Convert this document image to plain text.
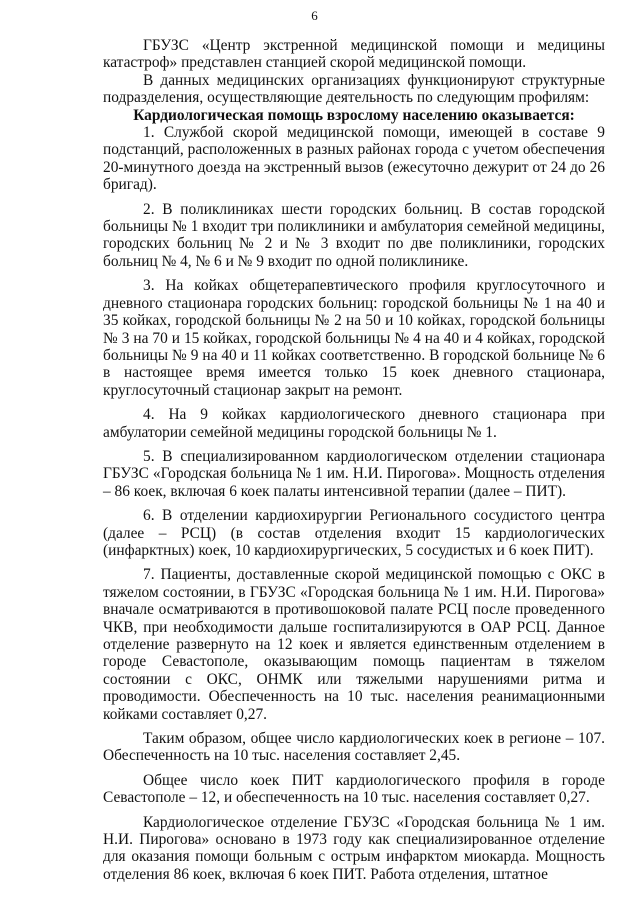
6

ГБУЗС «Центр экстренной медицинской помощи и медицины катастроф» представлен станцией скорой медицинской помощи.

В данных медицинских организациях функционируют структурные подразделения, осуществляющие деятельность по следующим профилям:

Кардиологическая помощь взрослому населению оказывается:

1. Службой скорой медицинской помощи, имеющей в составе 9 подстанций, расположенных в разных районах города с учетом обеспечения 20-минутного доезда на экстренный вызов (ежесуточно дежурит от 24 до 26 бригад).

2. В поликлиниках шести городских больниц. В состав городской больницы № 1 входит три поликлиники и амбулатория семейной медицины, городских больниц № 2 и № 3 входит по две поликлиники, городских больниц № 4, № 6 и № 9 входит по одной поликлинике.

3. На койках общетерапевтического профиля круглосуточного и дневного стационара городских больниц: городской больницы № 1 на 40 и 35 койках, городской больницы № 2 на 50 и 10 койках, городской больницы № 3 на 70 и 15 койках, городской больницы № 4 на 40 и 4 койках, городской больницы № 9 на 40 и 11 койках соответственно. В городской больнице № 6 в настоящее время имеется только 15 коек дневного стационара, круглосуточный стационар закрыт на ремонт.

4. На 9 койках кардиологического дневного стационара при амбулатории семейной медицины городской больницы № 1.

5. В специализированном кардиологическом отделении стационара ГБУЗС «Городская больница № 1 им. Н.И. Пирогова». Мощность отделения – 86 коек, включая 6 коек палаты интенсивной терапии (далее – ПИТ).

6. В отделении кардиохирургии Регионального сосудистого центра (далее – РСЦ) (в состав отделения входит 15 кардиологических (инфарктных) коек, 10 кардиохирургических, 5 сосудистых и 6 коек ПИТ).

7. Пациенты, доставленные скорой медицинской помощью с ОКС в тяжелом состоянии, в ГБУЗС «Городская больница № 1 им. Н.И. Пирогова» вначале осматриваются в противошоковой палате РСЦ после проведенного ЧКВ, при необходимости дальше госпитализируются в ОАР РСЦ. Данное отделение развернуто на 12 коек и является единственным отделением в городе Севастополе, оказывающим помощь пациентам в тяжелом состоянии с ОКС, ОНМК или тяжелыми нарушениями ритма и проводимости. Обеспеченность на 10 тыс. населения реанимационными койками составляет 0,27.

Таким образом, общее число кардиологических коек в регионе – 107. Обеспеченность на 10 тыс. населения составляет 2,45.

Общее число коек ПИТ кардиологического профиля в городе Севастополе – 12, и обеспеченность на 10 тыс. населения составляет 0,27.

Кардиологическое отделение ГБУЗС «Городская больница № 1 им. Н.И. Пирогова» основано в 1973 году как специализированное отделение для оказания помощи больным с острым инфарктом миокарда. Мощность отделения 86 коек, включая 6 коек ПИТ. Работа отделения, штатное
